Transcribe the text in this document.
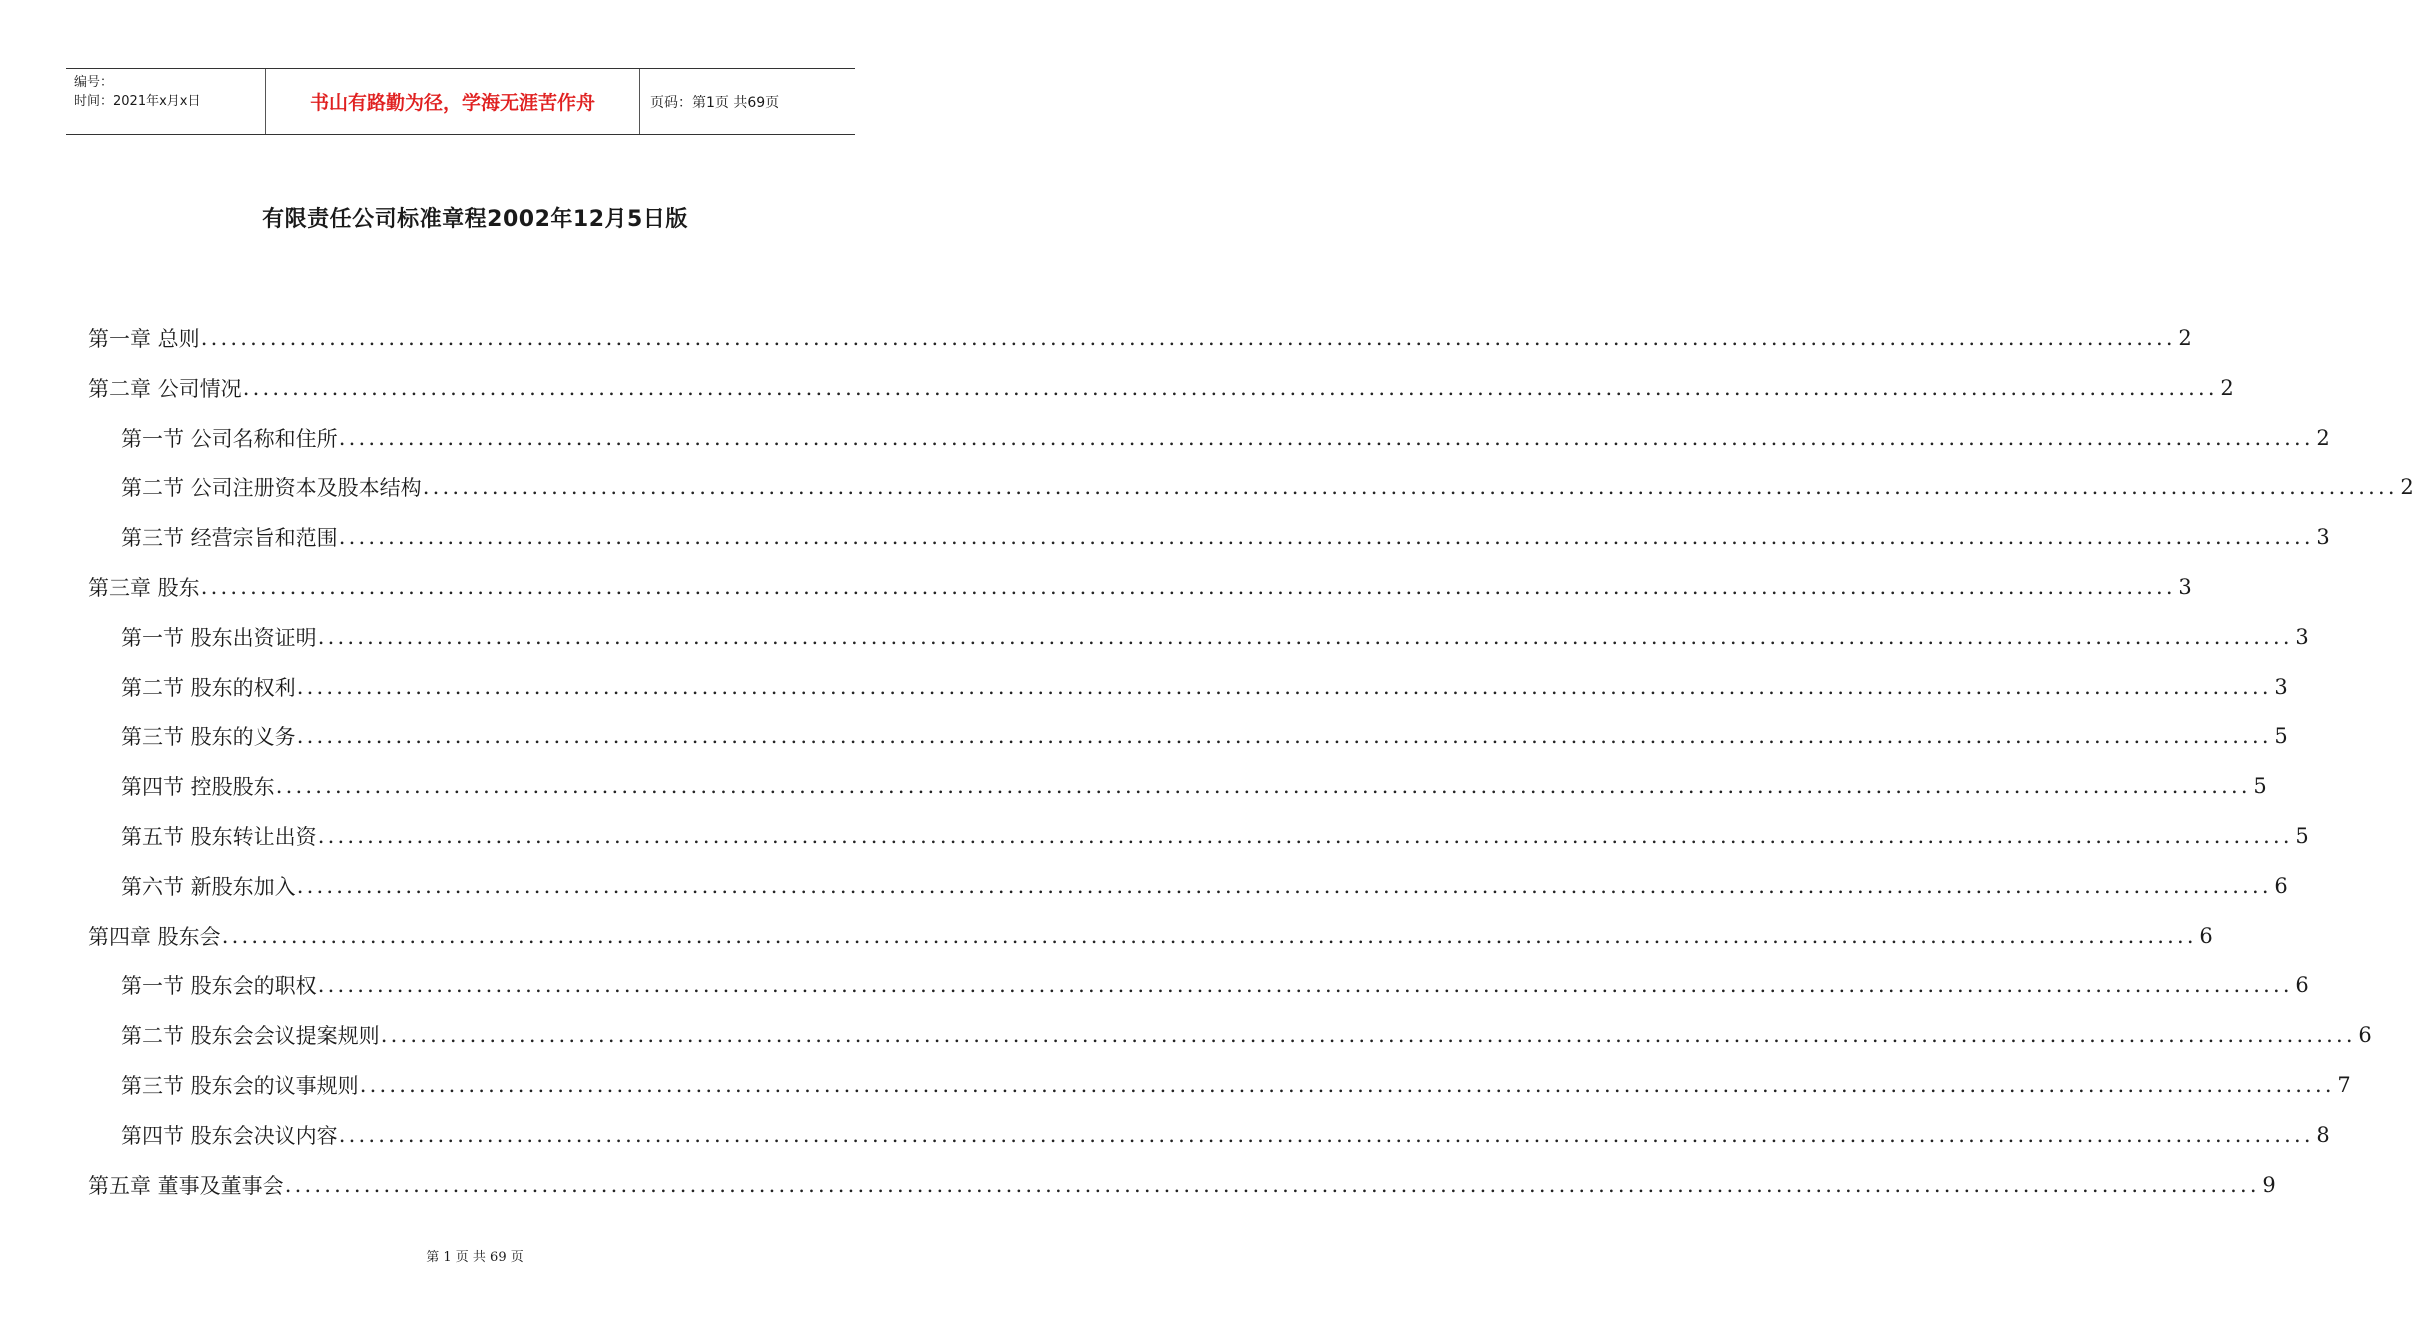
编号：
时间：2021年x月x日	书山有路勤为径，学海无涯苦作舟	页码：第1页 共69页
有限责任公司标准章程2002年12月5日版
第一章 总则 ........................................................................................................................................................................................................ 2
第二章 公司情况 ........................................................................................................................................................................................................ 2
第一节 公司名称和住所 ........................................................................................................................................................................................................ 2
第二节 公司注册资本及股本结构 ........................................................................................................................................................................................................ 2
第三节 经营宗旨和范围 ........................................................................................................................................................................................................ 3
第三章 股东 ........................................................................................................................................................................................................ 3
第一节 股东出资证明 ........................................................................................................................................................................................................ 3
第二节 股东的权利 ........................................................................................................................................................................................................ 3
第三节 股东的义务 ........................................................................................................................................................................................................ 5
第四节 控股股东 ........................................................................................................................................................................................................ 5
第五节 股东转让出资 ........................................................................................................................................................................................................ 5
第六节 新股东加入 ........................................................................................................................................................................................................ 6
第四章 股东会 ........................................................................................................................................................................................................ 6
第一节 股东会的职权 ........................................................................................................................................................................................................ 6
第二节 股东会会议提案规则 ........................................................................................................................................................................................................ 6
第三节 股东会的议事规则 ........................................................................................................................................................................................................ 7
第四节 股东会决议内容 ........................................................................................................................................................................................................ 8
第五章 董事及董事会 ........................................................................................................................................................................................................ 9
第 1 页 共 69 页
